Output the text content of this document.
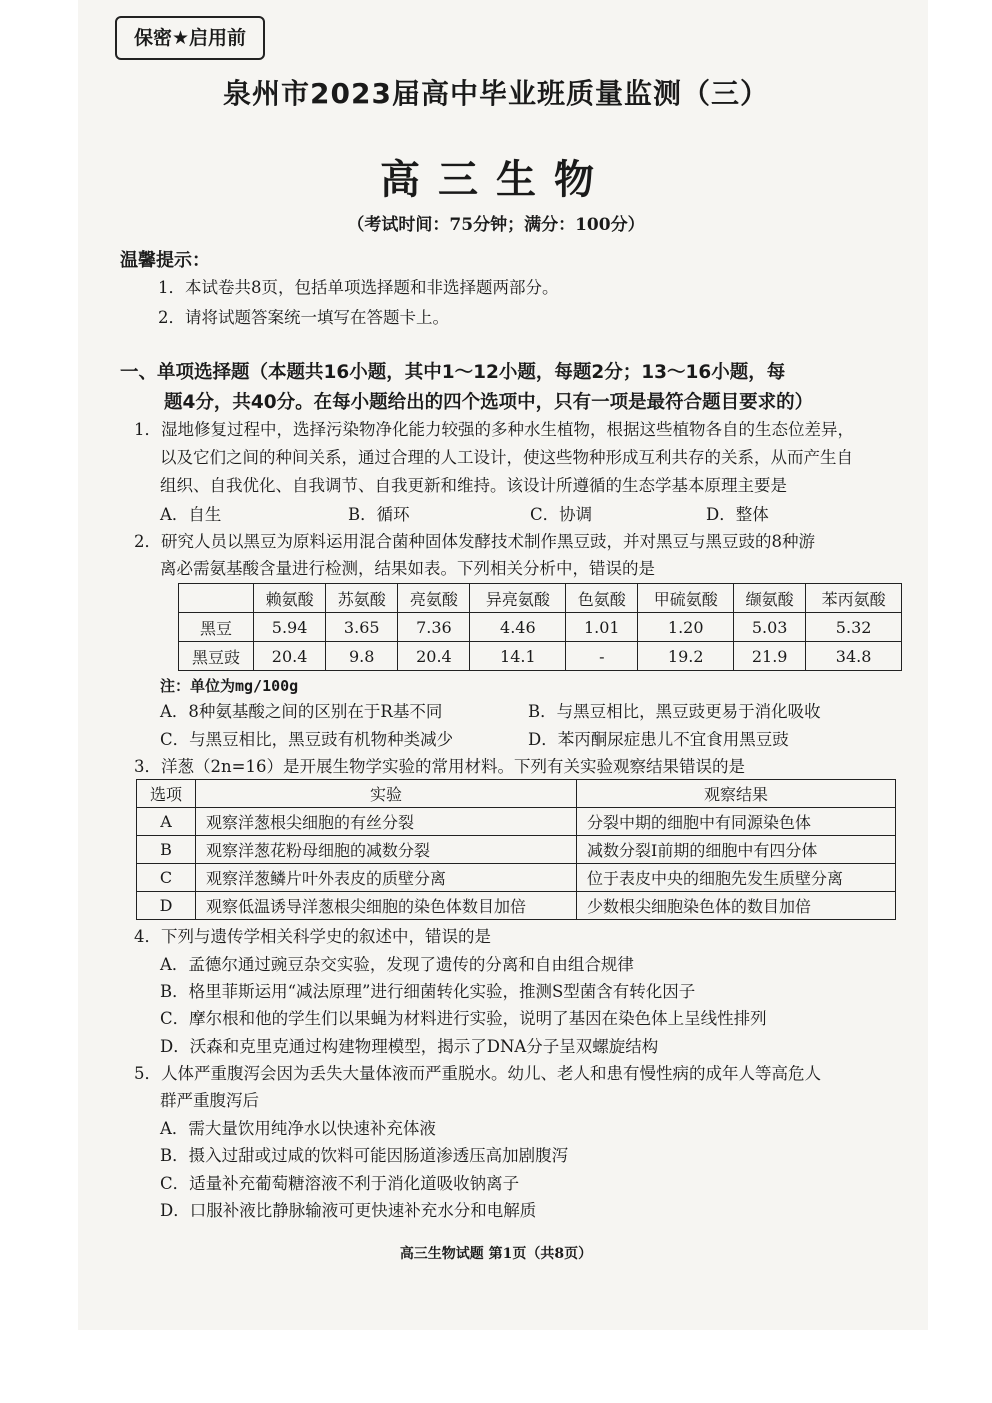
保密★启用前
泉州市2023届高中毕业班质量监测（三）
高三生物
（考试时间：75分钟；满分：100分）
温馨提示：
1．本试卷共8页，包括单项选择题和非选择题两部分。
2．请将试题答案统一填写在答题卡上。
一、单项选择题（本题共16小题，其中1～12小题，每题2分；13～16小题，每
题4分，共40分。在每小题给出的四个选项中，只有一项是最符合题目要求的）
1．湿地修复过程中，选择污染物净化能力较强的多种水生植物，根据这些植物各自的生态位差异，
以及它们之间的种间关系，通过合理的人工设计，使这些物种形成互利共存的关系，从而产生自
组织、自我优化、自我调节、自我更新和维持。该设计所遵循的生态学基本原理主要是
A．自生	B．循环	C．协调	D．整体
2．研究人员以黑豆为原料运用混合菌种固体发酵技术制作黑豆豉，并对黑豆与黑豆豉的8种游
离必需氨基酸含量进行检测，结果如表。下列相关分析中，错误的是
	赖氨酸	苏氨酸	亮氨酸	异亮氨酸	色氨酸	甲硫氨酸	缬氨酸	苯丙氨酸
黑豆	5.94	3.65	7.36	4.46	1.01	1.20	5.03	5.32
黑豆豉	20.4	9.8	20.4	14.1	-	19.2	21.9	34.8
注：单位为mg/100g
A．8种氨基酸之间的区别在于R基不同	B．与黑豆相比，黑豆豉更易于消化吸收
C．与黑豆相比，黑豆豉有机物种类减少	D．苯丙酮尿症患儿不宜食用黑豆豉
3．洋葱（2n=16）是开展生物学实验的常用材料。下列有关实验观察结果错误的是
选项	实验	观察结果
A	观察洋葱根尖细胞的有丝分裂	分裂中期的细胞中有同源染色体
B	观察洋葱花粉母细胞的减数分裂	减数分裂Ⅰ前期的细胞中有四分体
C	观察洋葱鳞片叶外表皮的质壁分离	位于表皮中央的细胞先发生质壁分离
D	观察低温诱导洋葱根尖细胞的染色体数目加倍	少数根尖细胞染色体的数目加倍
4．下列与遗传学相关科学史的叙述中，错误的是
A．孟德尔通过豌豆杂交实验，发现了遗传的分离和自由组合规律
B．格里菲斯运用“减法原理”进行细菌转化实验，推测S型菌含有转化因子
C．摩尔根和他的学生们以果蝇为材料进行实验，说明了基因在染色体上呈线性排列
D．沃森和克里克通过构建物理模型，揭示了DNA分子呈双螺旋结构
5．人体严重腹泻会因为丢失大量体液而严重脱水。幼儿、老人和患有慢性病的成年人等高危人
群严重腹泻后
A．需大量饮用纯净水以快速补充体液
B．摄入过甜或过咸的饮料可能因肠道渗透压高加剧腹泻
C．适量补充葡萄糖溶液不利于消化道吸收钠离子
D．口服补液比静脉输液可更快速补充水分和电解质
高三生物试题 第1页（共8页）
